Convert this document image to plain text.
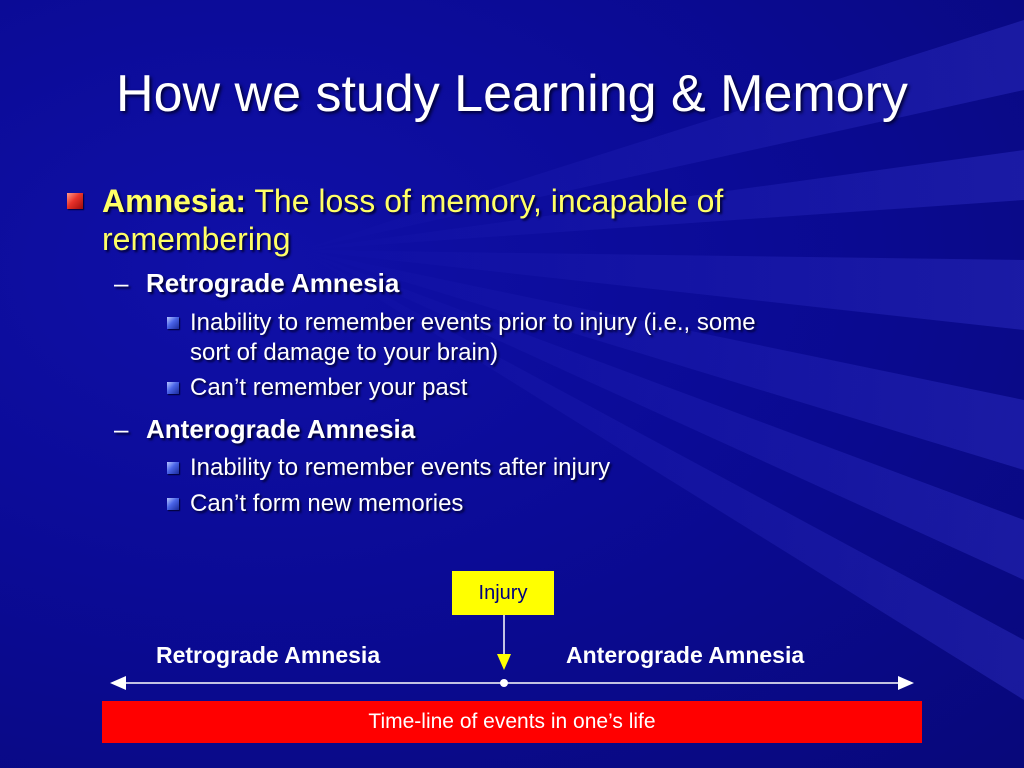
How we study Learning & Memory
Amnesia: The loss of memory, incapable of
remembering
– Retrograde Amnesia
Inability to remember events prior to injury (i.e., some
sort of damage to your brain)
Can’t remember your past
– Anterograde Amnesia
Inability to remember events after injury
Can’t form new memories
Injury
Retrograde Amnesia	Anterograde Amnesia
Time-line of events in one’s life
